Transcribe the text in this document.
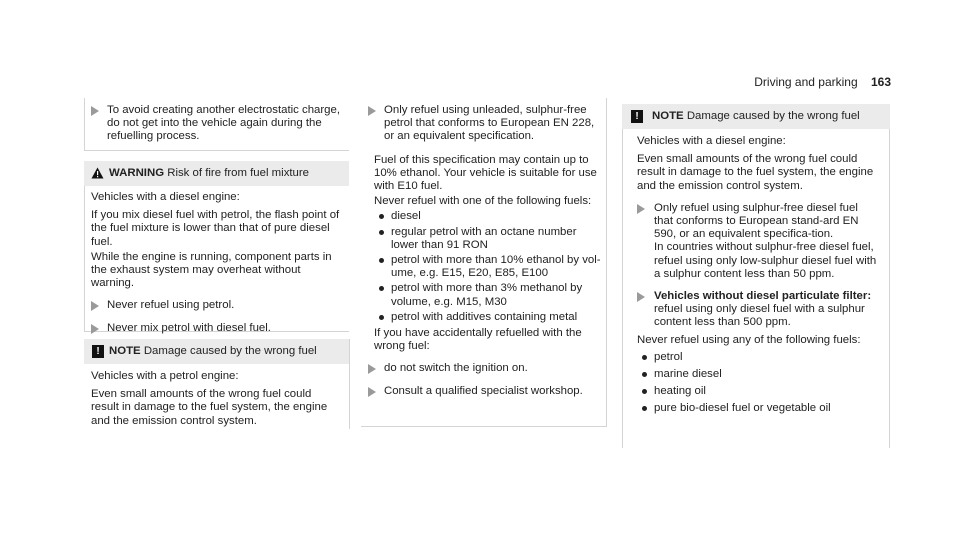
Driving and parking 163

To avoid creating another electrostatic charge, do not get into the vehicle again during the refuelling process.

WARNING Risk of fire from fuel mixture

Vehicles with a diesel engine:

If you mix diesel fuel with petrol, the flash point of the fuel mixture is lower than that of pure diesel fuel.

While the engine is running, component parts in the exhaust system may overheat without warning.

Never refuel using petrol.

Never mix petrol with diesel fuel.

! NOTE Damage caused by the wrong fuel

Vehicles with a petrol engine:

Even small amounts of the wrong fuel could result in damage to the fuel system, the engine and the emission control system.

Only refuel using unleaded, sulphur-free petrol that conforms to European EN 228, or an equivalent specification.

Fuel of this specification may contain up to 10% ethanol. Your vehicle is suitable for use with E10 fuel.

Never refuel with one of the following fuels:

diesel

regular petrol with an octane number lower than 91 RON

petrol with more than 10% ethanol by vol-ume, e.g. E15, E20, E85, E100

petrol with more than 3% methanol by volume, e.g. M15, M30

petrol with additives containing metal

If you have accidentally refuelled with the wrong fuel:

do not switch the ignition on.

Consult a qualified specialist workshop.

!	NOTE Damage caused by the wrong fuel

Vehicles with a diesel engine:

Even small amounts of the wrong fuel could result in damage to the fuel system, the engine and the emission control system.

Only refuel using sulphur-free diesel fuel that conforms to European stand-ard EN 590, or an equivalent specifica-tion.

In countries without sulphur-free diesel fuel, refuel using only low-sulphur diesel fuel with a sulphur content less than 50 ppm.

Vehicles without diesel particulate filter: refuel using only diesel fuel with a sulphur content less than 500 ppm.

Never refuel using any of the following fuels:

petrol

marine diesel

heating oil

pure bio-diesel fuel or vegetable oil
